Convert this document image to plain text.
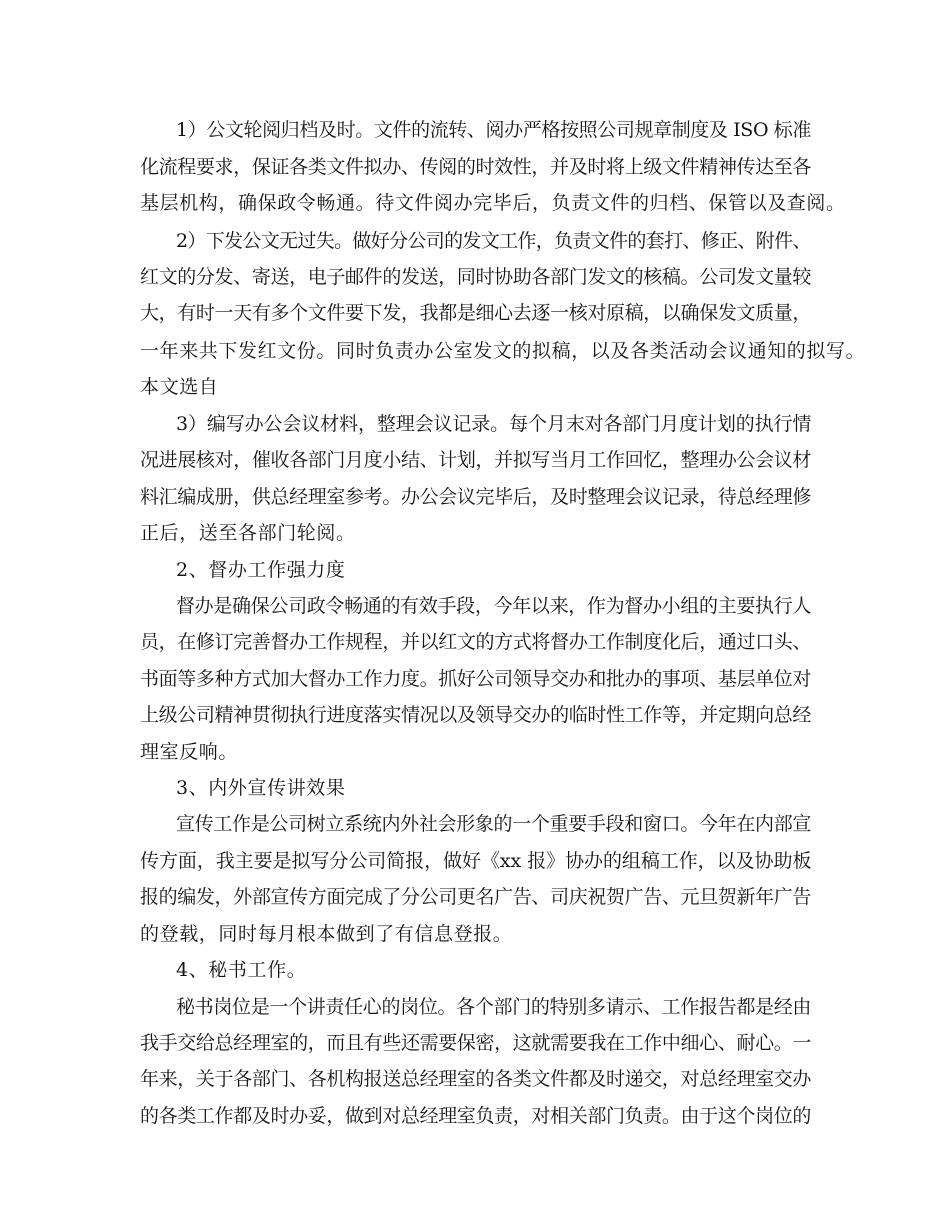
1）公文轮阅归档及时。文件的流转、阅办严格按照公司规章制度及 ISO 标准
化流程要求，保证各类文件拟办、传阅的时效性，并及时将上级文件精神传达至各
基层机构，确保政令畅通。待文件阅办完毕后，负责文件的归档、保管以及查阅。
2）下发公文无过失。做好分公司的发文工作，负责文件的套打、修正、附件、
红文的分发、寄送，电子邮件的发送，同时协助各部门发文的核稿。公司发文量较
大，有时一天有多个文件要下发，我都是细心去逐一核对原稿，以确保发文质量，
一年来共下发红文份。同时负责办公室发文的拟稿，以及各类活动会议通知的拟写。
本文选自
3）编写办公会议材料，整理会议记录。每个月末对各部门月度计划的执行情
况进展核对，催收各部门月度小结、计划，并拟写当月工作回忆，整理办公会议材
料汇编成册，供总经理室参考。办公会议完毕后，及时整理会议记录，待总经理修
正后，送至各部门轮阅。
2、督办工作强力度
督办是确保公司政令畅通的有效手段，今年以来，作为督办小组的主要执行人
员，在修订完善督办工作规程，并以红文的方式将督办工作制度化后，通过口头、
书面等多种方式加大督办工作力度。抓好公司领导交办和批办的事项、基层单位对
上级公司精神贯彻执行进度落实情况以及领导交办的临时性工作等，并定期向总经
理室反响。
3、内外宣传讲效果
宣传工作是公司树立系统内外社会形象的一个重要手段和窗口。今年在内部宣
传方面，我主要是拟写分公司简报，做好《xx 报》协办的组稿工作，以及协助板
报的编发，外部宣传方面完成了分公司更名广告、司庆祝贺广告、元旦贺新年广告
的登载，同时每月根本做到了有信息登报。
4、秘书工作。
秘书岗位是一个讲责任心的岗位。各个部门的特别多请示、工作报告都是经由
我手交给总经理室的，而且有些还需要保密，这就需要我在工作中细心、耐心。一
年来，关于各部门、各机构报送总经理室的各类文件都及时递交，对总经理室交办
的各类工作都及时办妥，做到对总经理室负责，对相关部门负责。由于这个岗位的
